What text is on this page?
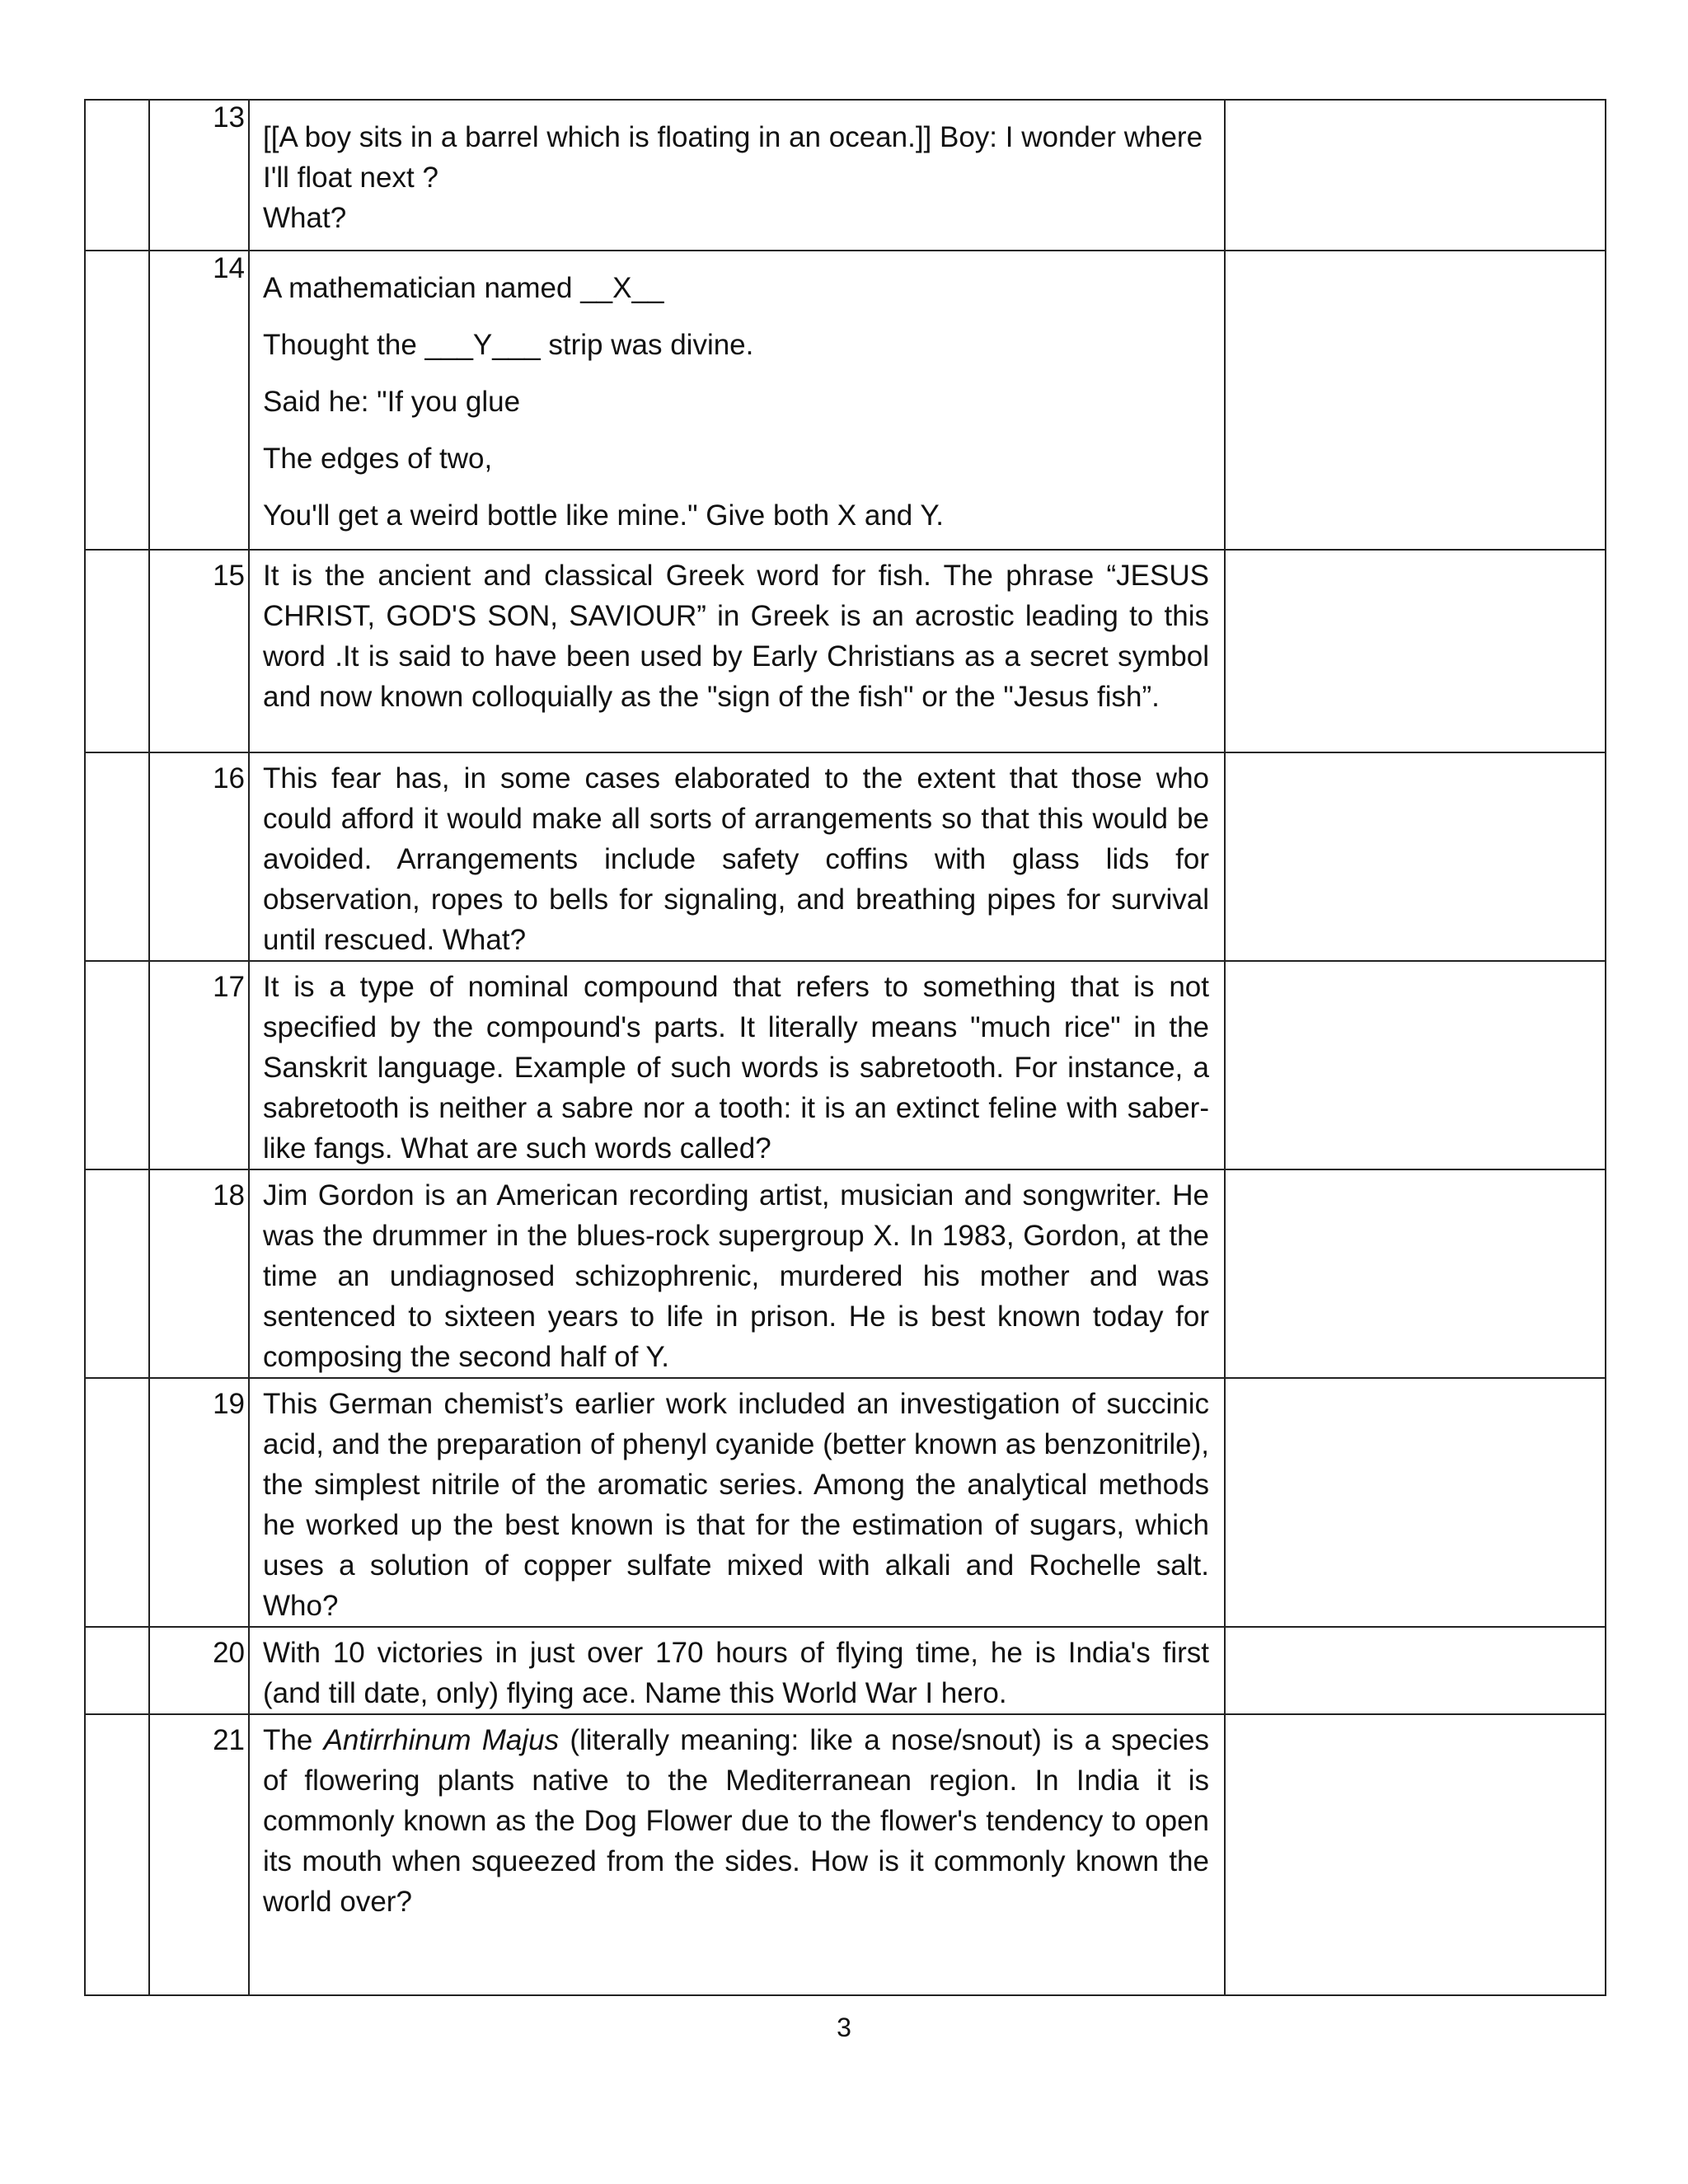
	13	[[A boy sits in a barrel which is floating in an ocean.]] Boy: I wonder where I'll float next ?

What?	

	14	A mathematician named __X__

Thought the ___Y___ strip was divine.

Said he: "If you glue

The edges of two,

You'll get a weird bottle like mine." Give both X and Y.	

	15	It is the ancient and classical Greek word for fish. The phrase “JESUS CHRIST, GOD'S SON, SAVIOUR” in Greek is an acrostic leading to this word .It is said to have been used by Early Christians as a secret symbol and now known colloquially as the "sign of the fish" or the "Jesus fish”.	

	16	This fear has, in some cases elaborated to the extent that those who could afford it would make all sorts of arrangements so that this would be avoided. Arrangements include safety coffins with glass lids for observation, ropes to bells for signaling, and breathing pipes for survival until rescued. What?	

	17	It is a type of nominal compound that refers to something that is not specified by the compound's parts. It literally means "much rice" in the Sanskrit language. Example of such words is sabretooth. For instance, a sabretooth is neither a sabre nor a tooth: it is an extinct feline with saber-like fangs. What are such words called?	

	18	Jim Gordon is an American recording artist, musician and songwriter. He was the drummer in the blues-rock supergroup X. In 1983, Gordon, at the time an undiagnosed schizophrenic, murdered his mother and was sentenced to sixteen years to life in prison. He is best known today for composing the second half of Y.	

	19	This German chemist’s earlier work included an investigation of succinic acid, and the preparation of phenyl cyanide (better known as benzonitrile), the simplest nitrile of the aromatic series. Among the analytical methods he worked up the best known is that for the estimation of sugars, which uses a solution of copper sulfate mixed with alkali and Rochelle salt. Who?	

	20	With 10 victories in just over 170 hours of flying time, he is India's first (and till date, only) flying ace. Name this World War I hero.	

	21	The Antirrhinum Majus (literally meaning: like a nose/snout) is a species of flowering plants native to the Mediterranean region. In India it is commonly known as the Dog Flower due to the flower's tendency to open its mouth when squeezed from the sides. How is it commonly known the world over?	

3
